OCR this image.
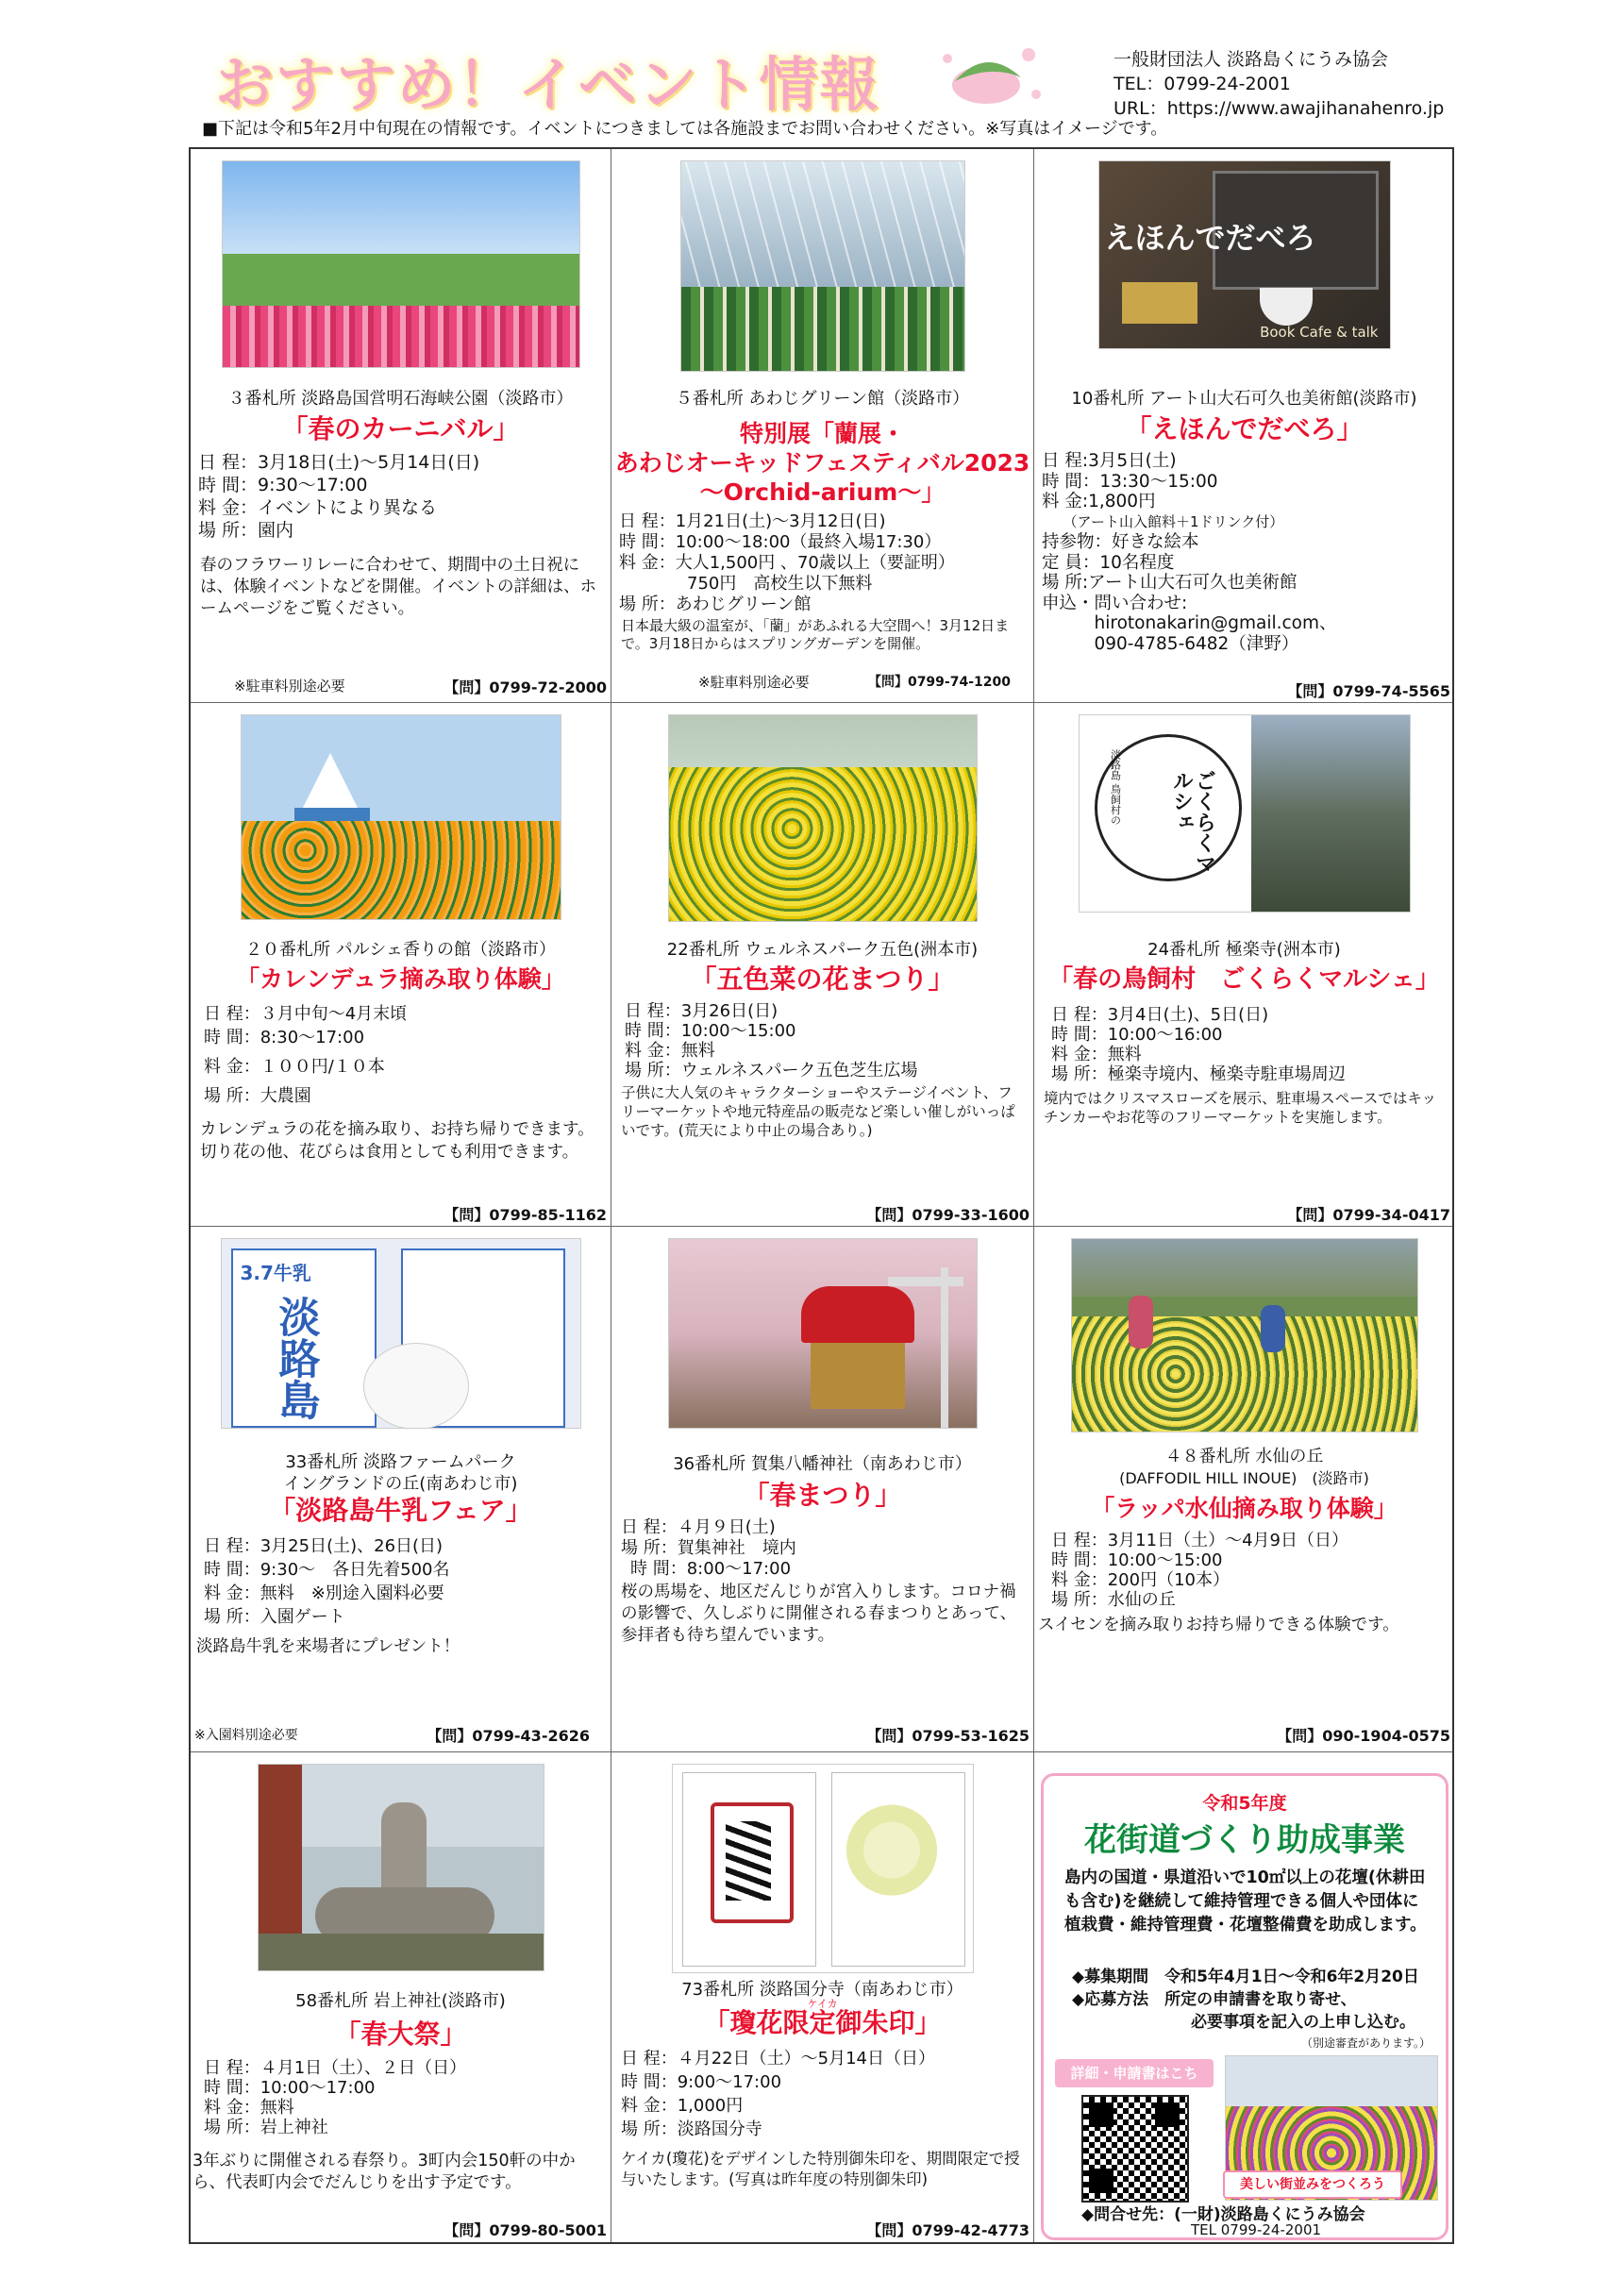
おすすめ！イベント情報	一般財団法人 淡路島くにうみ協会
TEL：0799-24-2001
URL：https://www.awajihanahenro.jp
■下記は令和5年2月中旬現在の情報です。イベントにつきましては各施設までお問い合わせください。※写真はイメージです。
３番札所 淡路島国営明石海峡公園（淡路市）
「春のカーニバル」
日 程：3月18日(土)～5月14日(日)
時 間：9:30～17:00
料 金：イベントにより異なる
場 所：園内
春のフラワーリレーに合わせて、期間中の土日祝には、体験イベントなどを開催。イベントの詳細は、ホームページをご覧ください。
※駐車料別途必要	【問】0799-72-2000
５番札所 あわじグリーン館（淡路市）
特別展「蘭展・
あわじオーキッドフェスティバル2023
～Orchid-arium～」
日 程：1月21日(土)～3月12日(日)
時 間：10:00～18:00（最終入場17:30）
料 金：大人1,500円 、70歳以上（要証明）
　　　　750円　高校生以下無料
場 所：あわじグリーン館
日本最大級の温室が、「蘭」があふれる大空間へ！3月12日まで。3月18日からはスプリングガーデンを開催。
※駐車料別途必要	【問】0799-74-1200
えほんでだべろ
Book Cafe & talk
10番札所 アート山大石可久也美術館(淡路市)
「えほんでだべろ」
日 程:3月5日(土)
時 間：13:30～15:00
料 金:1,800円
　　（アート山入館料＋1ドリンク付）
持参物：好きな絵本
定 員：10名程度
場 所:アート山大石可久也美術館
申込・問い合わせ:
　　　hirotonakarin@gmail.com、
　　　090-4785-6482（津野）
【問】0799-74-5565
２０番札所 パルシェ香りの館（淡路市）
「カレンデュラ摘み取り体験」
日 程：３月中旬～4月末頃
時 間：8:30～17:00
料 金：１００円/１０本
場 所：大農園
カレンデュラの花を摘み取り、お持ち帰りできます。切り花の他、花びらは食用としても利用できます。
【問】0799-85-1162
22番札所 ウェルネスパーク五色(洲本市)
「五色菜の花まつり」
日 程：3月26日(日)
時 間：10:00～15:00
料 金：無料
場 所：ウェルネスパーク五色芝生広場
子供に大人気のキャラクターショーやステージイベント、フリーマーケットや地元特産品の販売など楽しい催しがいっぱいです。(荒天により中止の場合あり。)
【問】0799-33-1600
ごくらくマルシェ
淡路島 鳥飼村の
24番札所 極楽寺(洲本市)
「春の鳥飼村　ごくらくマルシェ」
日 程：3月4日(土)、5日(日)
時 間：10:00～16:00
料 金：無料
場 所：極楽寺境内、極楽寺駐車場周辺
境内ではクリスマスローズを展示、駐車場スペースではキッチンカーやお花等のフリーマーケットを実施します。
【問】0799-34-0417
淡路島
3.7牛乳
33番札所 淡路ファームパーク
イングランドの丘(南あわじ市)
「淡路島牛乳フェア」
日 程：3月25日(土)、26日(日)
時 間：9:30～　各日先着500名
料 金：無料　※別途入園料必要
場 所：入園ゲート
淡路島牛乳を来場者にプレゼント！
※入園料別途必要	【問】0799-43-2626
36番札所 賀集八幡神社（南あわじ市）
「春まつり」
日 程：４月９日(土)
場 所：賀集神社　境内
時 間：8:00～17:00
桜の馬場を、地区だんじりが宮入りします。コロナ禍の影響で、久しぶりに開催される春まつりとあって、参拝者も待ち望んでいます。
【問】0799-53-1625
４８番札所 水仙の丘
(DAFFODIL HILL INOUE)　(淡路市)
「ラッパ水仙摘み取り体験」
日 程：3月11日（土）～4月9日（日）
時 間：10:00～15:00
料 金：200円（10本）
場 所：水仙の丘
スイセンを摘み取りお持ち帰りできる体験です。
【問】090-1904-0575
58番札所 岩上神社(淡路市)
「春大祭」
日 程：４月1日（土）、２日（日）
時 間：10:00～17:00
料 金：無料
場 所：岩上神社
3年ぶりに開催される春祭り。3町内会150軒の中から、代表町内会でだんじりを出す予定です。
【問】0799-80-5001
ケイカ
73番札所 淡路国分寺（南あわじ市）
「瓊花限定御朱印」
日 程：４月22日（土）～5月14日（日）
時 間：9:00～17:00
料 金：1,000円
場 所：淡路国分寺
ケイカ(瓊花)をデザインした特別御朱印を、期間限定で授与いたします。(写真は昨年度の特別御朱印)
【問】0799-42-4773
令和5年度
花街道づくり助成事業
島内の国道・県道沿いで10㎡以上の花壇(休耕田も含む)を継続して維持管理できる個人や団体に植栽費・維持管理費・花壇整備費を助成します。
◆募集期間　 令和5年4月1日～令和6年2月20日
◆応募方法　 所定の申請書を取り寄せ、
必要事項を記入の上申し込む。
（別途審査があります。）
詳細・申請書はこち
美しい街並みをつくろう
◆問合せ先：(一財)淡路島くにうみ協会
TEL 0799-24-2001
